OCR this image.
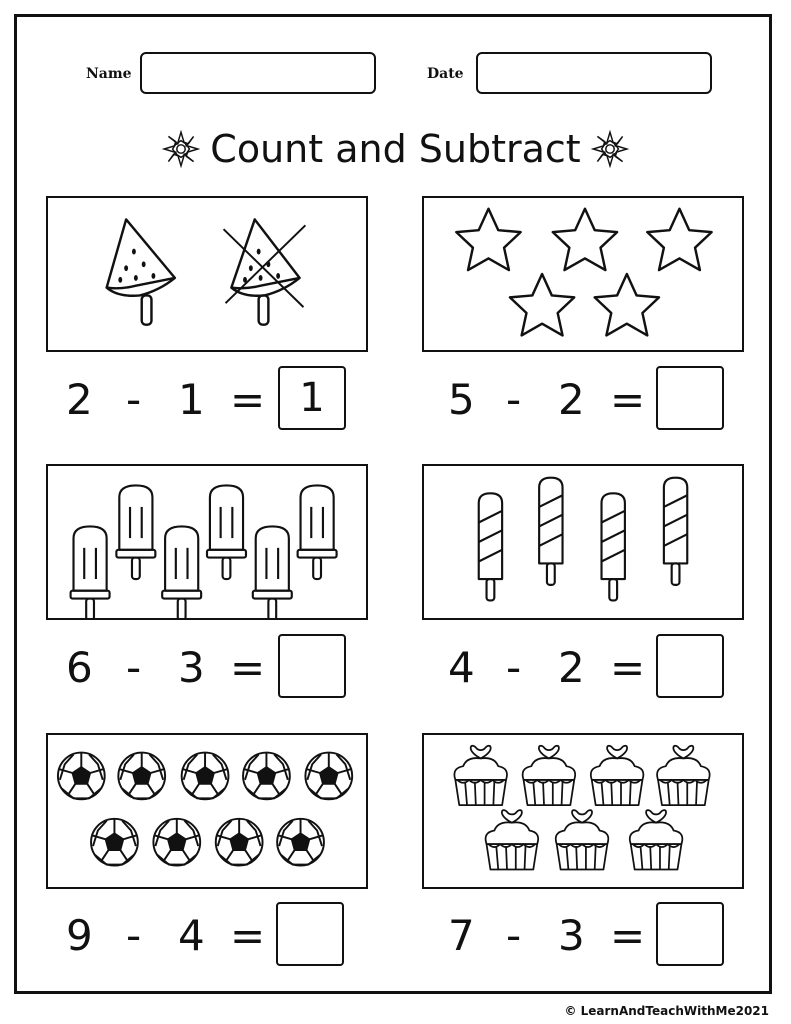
Name	Date
Count and Subtract
2 - 1 = 1	5 - 2 =
6 - 3 =	4 - 2 =
9 - 4 =	7 - 3 =
© LearnAndTeachWithMe2021
